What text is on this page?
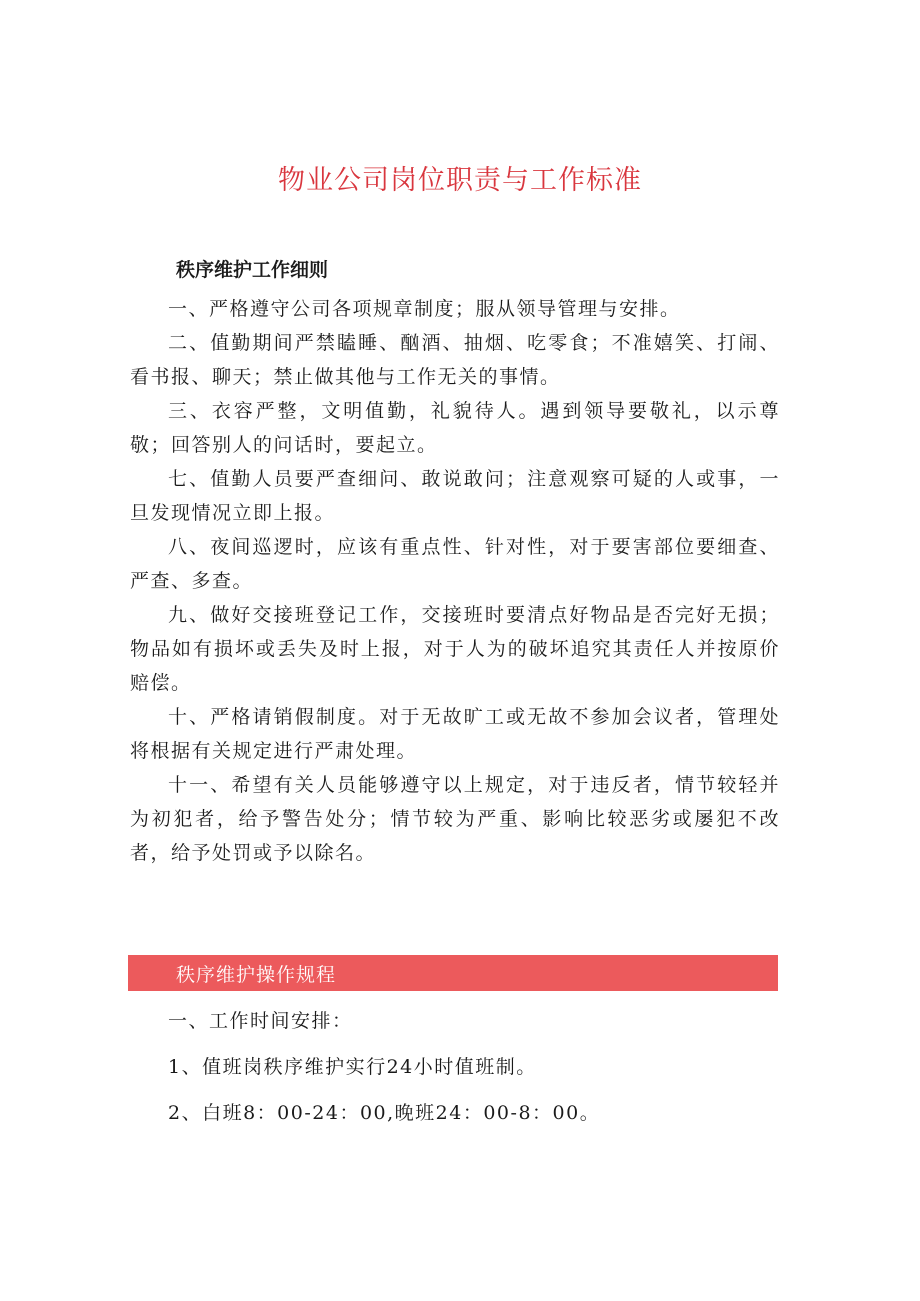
物业公司岗位职责与工作标准
秩序维护工作细则

一、严格遵守公司各项规章制度；服从领导管理与安排。

二、值勤期间严禁瞌睡、酗酒、抽烟、吃零食；不准嬉笑、打闹、看书报、聊天；禁止做其他与工作无关的事情。

三、衣容严整，文明值勤，礼貌待人。遇到领导要敬礼，以示尊敬；回答别人的问话时，要起立。

七、值勤人员要严查细问、敢说敢问；注意观察可疑的人或事，一旦发现情况立即上报。

八、夜间巡逻时，应该有重点性、针对性，对于要害部位要细查、严查、多查。

九、做好交接班登记工作，交接班时要清点好物品是否完好无损；物品如有损坏或丢失及时上报，对于人为的破坏追究其责任人并按原价赔偿。

十、严格请销假制度。对于无故旷工或无故不参加会议者，管理处将根据有关规定进行严肃处理。

十一、希望有关人员能够遵守以上规定，对于违反者，情节较轻并为初犯者，给予警告处分；情节较为严重、影响比较恶劣或屡犯不改者，给予处罚或予以除名。

秩序维护操作规程

一、工作时间安排：

1、值班岗秩序维护实行24小时值班制。

2、白班8：00-24：00,晚班24：00-8：00。
